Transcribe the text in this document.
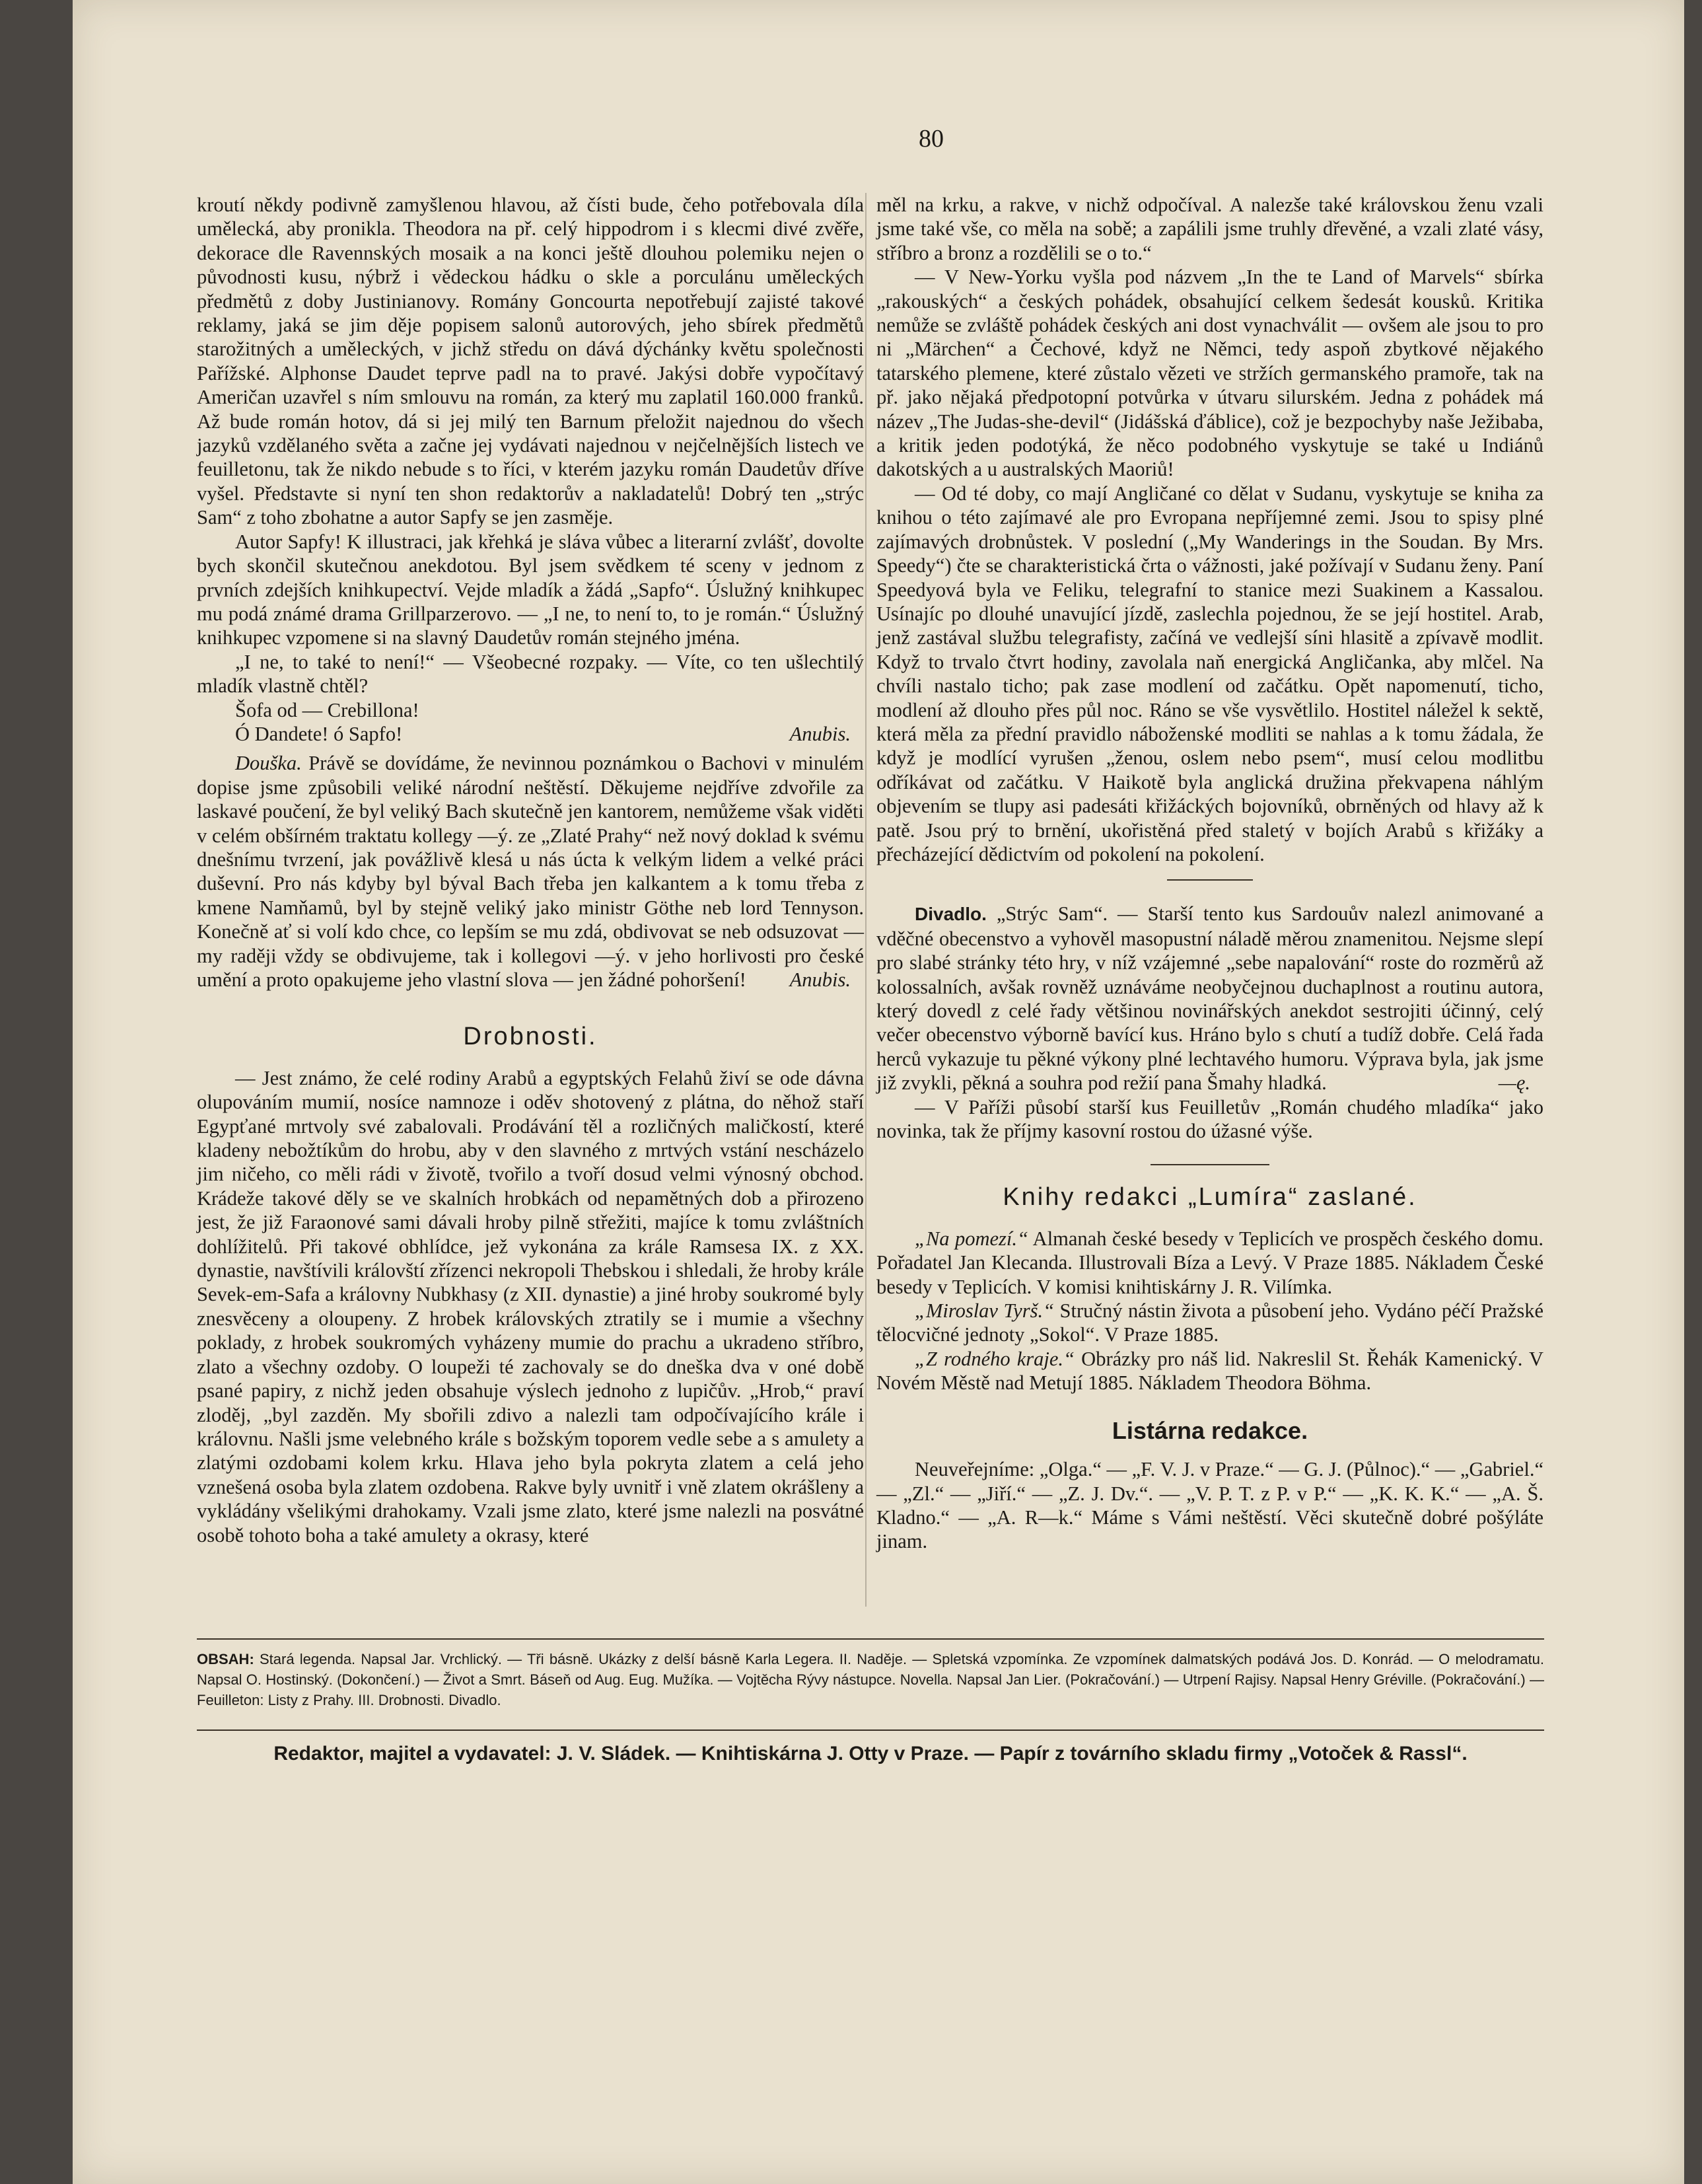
80

kroutí někdy podivně zamyšlenou hlavou, až čísti bude, čeho potřebovala díla umělecká, aby pronikla. Theodora na př. celý hippodrom i s klecmi divé zvěře, dekorace dle Ravennských mosaik a na konci ještě dlouhou polemiku nejen o původnosti kusu, nýbrž i vědeckou hádku o skle a porculánu uměleckých předmětů z doby Justinianovy. Romány Goncourta nepotřebují zajisté takové reklamy, jaká se jim děje popisem salonů autorových, jeho sbírek předmětů starožitných a uměleckých, v jichž středu on dává dýchánky květu společnosti Pařížské. Alphonse Daudet teprve padl na to pravé. Jakýsi dobře vypočítavý Američan uzavřel s ním smlouvu na román, za který mu zaplatil 160.000 franků. Až bude román hotov, dá si jej milý ten Barnum přeložit najednou do všech jazyků vzdělaného světa a začne jej vydávati najednou v nejčelnějších listech ve feuilletonu, tak že nikdo nebude s to říci, v kterém jazyku román Daudetův dříve vyšel. Představte si nyní ten shon redaktorův a nakladatelů! Dobrý ten „strýc Sam“ z toho zbohatne a autor Sapfy se jen zasměje.

Autor Sapfy! K illustraci, jak křehká je sláva vůbec a literarní zvlášť, dovolte bych skončil skutečnou anekdotou. Byl jsem svědkem té sceny v jednom z prvních zdejších knihkupectví. Vejde mladík a žádá „Sapfo“. Úslužný knihkupec mu podá známé drama Grillparzerovo. — „I ne, to není to, to je román.“ Úslužný knihkupec vzpomene si na slavný Daudetův román stejného jména.

„I ne, to také to není!“ — Všeobecné rozpaky. — Víte, co ten ušlechtilý mladík vlastně chtěl?

Šofa od — Crebillona!

Ó Dandete! ó Sapfo!	Anubis.

Douška. Právě se dovídáme, že nevinnou poznámkou o Bachovi v minulém dopise jsme způsobili veliké národní neštěstí. Děkujeme nejdříve zdvořile za laskavé poučení, že byl veliký Bach skutečně jen kantorem, nemůžeme však viděti v celém obšírném traktatu kollegy —ý. ze „Zlaté Prahy“ než nový doklad k svému dnešnímu tvrzení, jak povážlivě klesá u nás úcta k velkým lidem a velké práci duševní. Pro nás kdyby byl býval Bach třeba jen kalkantem a k tomu třeba z kmene Namňamů, byl by stejně veliký jako ministr Göthe neb lord Tennyson. Konečně ať si volí kdo chce, co lepším se mu zdá, obdivovat se neb odsuzovat — my raději vždy se obdivujeme, tak i kollegovi —ý. v jeho horlivosti pro české umění a proto opakujeme jeho vlastní slova — jen žádné pohoršení!	Anubis.

Drobnosti.

— Jest známo, že celé rodiny Arabů a egyptských Felahů živí se ode dávna olupováním mumií, nosíce namnoze i oděv shotovený z plátna, do něhož staří Egypťané mrtvoly své zabalovali. Prodávání těl a rozličných maličkostí, které kladeny nebožtíkům do hrobu, aby v den slavného z mrtvých vstání nescházelo jim ničeho, co měli rádi v životě, tvořilo a tvoří dosud velmi výnosný obchod. Krádeže takové děly se ve skalních hrobkách od nepamětných dob a přirozeno jest, že již Faraonové sami dávali hroby pilně střežiti, majíce k tomu zvláštních dohlížitelů. Při takové obhlídce, jež vykonána za krále Ramsesa IX. z XX. dynastie, navštívili královští zřízenci nekropoli Thebskou i shledali, že hroby krále Sevek-em-Safa a královny Nubkhasy (z XII. dynastie) a jiné hroby soukromé byly znesvěceny a oloupeny. Z hrobek královských ztratily se i mumie a všechny poklady, z hrobek soukromých vyházeny mumie do prachu a ukradeno stříbro, zlato a všechny ozdoby. O loupeži té zachovaly se do dneška dva v oné době psané papiry, z nichž jeden obsahuje výslech jednoho z lupičův. „Hrob,“ praví zloděj, „byl zazděn. My sbořili zdivo a nalezli tam odpočívajícího krále i královnu. Našli jsme velebného krále s božským toporem vedle sebe a s amulety a zlatými ozdobami kolem krku. Hlava jeho byla pokryta zlatem a celá jeho vznešená osoba byla zlatem ozdobena. Rakve byly uvnitř i vně zlatem okrášleny a vykládány všelikými drahokamy. Vzali jsme zlato, které jsme nalezli na posvátné osobě tohoto boha a také amulety a okrasy, které

měl na krku, a rakve, v nichž odpočíval. A nalezše také královskou ženu vzali jsme také vše, co měla na sobě; a zapálili jsme truhly dřevěné, a vzali zlaté vásy, stříbro a bronz a rozdělili se o to.“

— V New-Yorku vyšla pod názvem „In the te Land of Marvels“ sbírka „rakouských“ a českých pohádek, obsahující celkem šedesát kousků. Kritika nemůže se zvláště pohádek českých ani dost vynachválit — ovšem ale jsou to pro ni „Märchen“ a Čechové, když ne Němci, tedy aspoň zbytkové nějakého tatarského plemene, které zůstalo vězeti ve stržích germanského pramoře, tak na př. jako nějaká předpotopní potvůrka v útvaru silurském. Jedna z pohádek má název „The Judas-she-devil“ (Jidášská ďáblice), což je bezpochyby naše Ježibaba, a kritik jeden podotýká, že něco podobného vyskytuje se také u Indiánů dakotských a u australských Maoriů!

— Od té doby, co mají Angličané co dělat v Sudanu, vyskytuje se kniha za knihou o této zajímavé ale pro Evropana nepříjemné zemi. Jsou to spisy plné zajímavých drobnůstek. V poslední („My Wanderings in the Soudan. By Mrs. Speedy“) čte se charakteristická črta o vážnosti, jaké požívají v Sudanu ženy. Paní Speedyová byla ve Feliku, telegrafní to stanice mezi Suakinem a Kassalou. Usínajíc po dlouhé unavující jízdě, zaslechla pojednou, že se její hostitel. Arab, jenž zastával službu telegrafisty, začíná ve vedlejší síni hlasitě a zpívavě modlit. Když to trvalo čtvrt hodiny, zavolala naň energická Angličanka, aby mlčel. Na chvíli nastalo ticho; pak zase modlení od začátku. Opět napomenutí, ticho, modlení až dlouho přes půl noc. Ráno se vše vysvětlilo. Hostitel náležel k sektě, která měla za přední pravidlo náboženské modliti se nahlas a k tomu žádala, že když je modlící vyrušen „ženou, oslem nebo psem“, musí celou modlitbu odříkávat od začátku. V Haikotě byla anglická družina překvapena náhlým objevením se tlupy asi padesáti křižáckých bojovníků, obrněných od hlavy až k patě. Jsou prý to brnění, ukořistěná před staletý v bojích Arabů s křižáky a přecházející dědictvím od pokolení na pokolení.

Divadlo. „Strýc Sam“. — Starší tento kus Sardouův nalezl animované a vděčné obecenstvo a vyhověl masopustní náladě měrou znamenitou. Nejsme slepí pro slabé stránky této hry, v níž vzájemné „sebe napalování“ roste do rozměrů až kolossalních, avšak rovněž uznáváme neobyčejnou duchaplnost a routinu autora, který dovedl z celé řady většinou novinářských anekdot sestrojiti účinný, celý večer obecenstvo výborně bavící kus. Hráno bylo s chutí a tudíž dobře. Celá řada herců vykazuje tu pěkné výkony plné lechtavého humoru. Výprava byla, jak jsme již zvykli, pěkná a souhra pod režií pana Šmahy hladká.	—ę.

— V Paříži působí starší kus Feuilletův „Román chudého mladíka“ jako novinka, tak že příjmy kasovní rostou do úžasné výše.

Knihy redakci „Lumíra“ zaslané.

„Na pomezí.“ Almanah české besedy v Teplicích ve prospěch českého domu. Pořadatel Jan Klecanda. Illustrovali Bíza a Levý. V Praze 1885. Nákladem České besedy v Teplicích. V komisi knihtiskárny J. R. Vilímka.

„Miroslav Tyrš.“ Stručný nástin života a působení jeho. Vydáno péčí Pražské tělocvičné jednoty „Sokol“. V Praze 1885.

„Z rodného kraje.“ Obrázky pro náš lid. Nakreslil St. Řehák Kamenický. V Novém Městě nad Metují 1885. Nákladem Theodora Böhma.

Listárna redakce.

Neuveřejníme: „Olga.“ — „F. V. J. v Praze.“ — G. J. (Půlnoc).“ — „Gabriel.“ — „Zl.“ — „Jiří.“ — „Z. J. Dv.“. — „V. P. T. z P. v P.“ — „K. K. K.“ — „A. Š. Kladno.“ — „A. R—k.“ Máme s Vámi neštěstí. Věci skutečně dobré pošýláte jinam.

OBSAH: Stará legenda. Napsal Jar. Vrchlický. — Tři básně. Ukázky z delší básně Karla Legera. II. Naděje. — Spletská vzpomínka. Ze vzpomínek dalmatských podává Jos. D. Konrád. — O melodramatu. Napsal O. Hostinský. (Dokončení.) — Život a Smrt. Báseň od Aug. Eug. Mužíka. — Vojtěcha Rývy nástupce. Novella. Napsal Jan Lier. (Pokračování.) — Utrpení Rajisy. Napsal Henry Gréville. (Pokračování.) — Feuilleton: Listy z Prahy. III. Drobnosti. Divadlo.
Redaktor, majitel a vydavatel: J. V. Sládek. — Knihtiskárna J. Otty v Praze. — Papír z továrního skladu firmy „Votoček & Rassl“.
